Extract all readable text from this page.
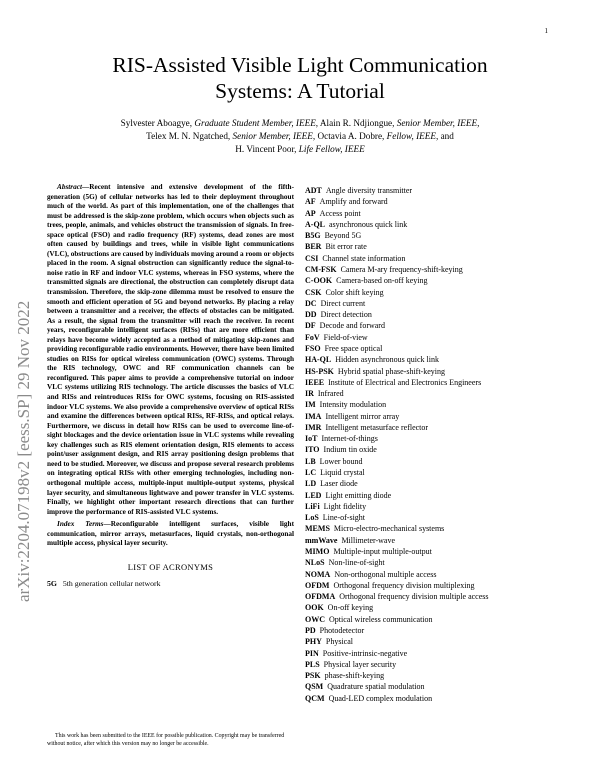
1
arXiv:2204.07198v2 [eess.SP] 29 Nov 2022
RIS-Assisted Visible Light Communication
Systems: A Tutorial
Sylvester Aboagye, Graduate Student Member, IEEE, Alain R. Ndjiongue, Senior Member, IEEE,
Telex M. N. Ngatched, Senior Member, IEEE, Octavia A. Dobre, Fellow, IEEE, and
H. Vincent Poor, Life Fellow, IEEE

Abstract—Recent intensive and extensive development of the fifth-generation (5G) of cellular networks has led to their deployment throughout much of the world. As part of this implementation, one of the challenges that must be addressed is the skip-zone problem, which occurs when objects such as trees, people, animals, and vehicles obstruct the transmission of signals. In free-space optical (FSO) and radio frequency (RF) systems, dead zones are most often caused by buildings and trees, while in visible light communications (VLC), obstructions are caused by individuals moving around a room or objects placed in the room. A signal obstruction can significantly reduce the signal-to-noise ratio in RF and indoor VLC systems, whereas in FSO systems, where the transmitted signals are directional, the obstruction can completely disrupt data transmission. Therefore, the skip-zone dilemma must be resolved to ensure the smooth and efficient operation of 5G and beyond networks. By placing a relay between a transmitter and a receiver, the effects of obstacles can be mitigated. As a result, the signal from the transmitter will reach the receiver. In recent years, reconfigurable intelligent surfaces (RISs) that are more efficient than relays have become widely accepted as a method of mitigating skip-zones and providing reconfigurable radio environments. However, there have been limited studies on RISs for optical wireless communication (OWC) systems. Through the RIS technology, OWC and RF communication channels can be reconfigured. This paper aims to provide a comprehensive tutorial on indoor VLC systems utilizing RIS technology. The article discusses the basics of VLC and RISs and reintroduces RISs for OWC systems, focusing on RIS-assisted indoor VLC systems. We also provide a comprehensive overview of optical RISs and examine the differences between optical RISs, RF-RISs, and optical relays. Furthermore, we discuss in detail how RISs can be used to overcome line-of-sight blockages and the device orientation issue in VLC systems while revealing key challenges such as RIS element orientation design, RIS elements to access point/user assignment design, and RIS array positioning design problems that need to be studied. Moreover, we discuss and propose several research problems on integrating optical RISs with other emerging technologies, including non-orthogonal multiple access, multiple-input multiple-output systems, physical layer security, and simultaneous lightwave and power transfer in VLC systems. Finally, we highlight other important research directions that can further improve the performance of RIS-assisted VLC systems.

Index Terms—Reconfigurable intelligent surfaces, visible light communication, mirror arrays, metasurfaces, liquid crystals, non-orthogonal multiple access, physical layer security.

LIST OF ACRONYMS
5G 5th generation cellular network
This work has been submitted to the IEEE for possible publication. Copyright may be transferred without notice, after which this version may no longer be accessible.
ADT Angle diversity transmitter
AF Amplify and forward
AP Access point
A-QL asynchronous quick link
B5G Beyond 5G
BER Bit error rate
CSI Channel state information
CM-FSK Camera M-ary frequency-shift-keying
C-OOK Camera-based on-off keying
CSK Color shift keying
DC Direct current
DD Direct detection
DF Decode and forward
FoV Field-of-view
FSO Free space optical
HA-QL Hidden asynchronous quick link
HS-PSK Hybrid spatial phase-shift-keying
IEEE Institute of Electrical and Electronics Engineers
IR Infrared
IM Intensity modulation
IMA Intelligent mirror array
IMR Intelligent metasurface reflector
IoT Internet-of-things
ITO Indium tin oxide
LB Lower bound
LC Liquid crystal
LD Laser diode
LED Light emitting diode
LiFi Light fidelity
LoS Line-of-sight
MEMS Micro-electro-mechanical systems
mmWave Millimeter-wave
MIMO Multiple-input multiple-output
NLoS Non-line-of-sight
NOMA Non-orthogonal multiple access
OFDM Orthogonal frequency division multiplexing
OFDMA Orthogonal frequency division multiple access
OOK On-off keying
OWC Optical wireless communication
PD Photodetector
PHY Physical
PIN Positive-intrinsic-negative
PLS Physical layer security
PSK phase-shift-keying
QSM Quadrature spatial modulation
QCM Quad-LED complex modulation
